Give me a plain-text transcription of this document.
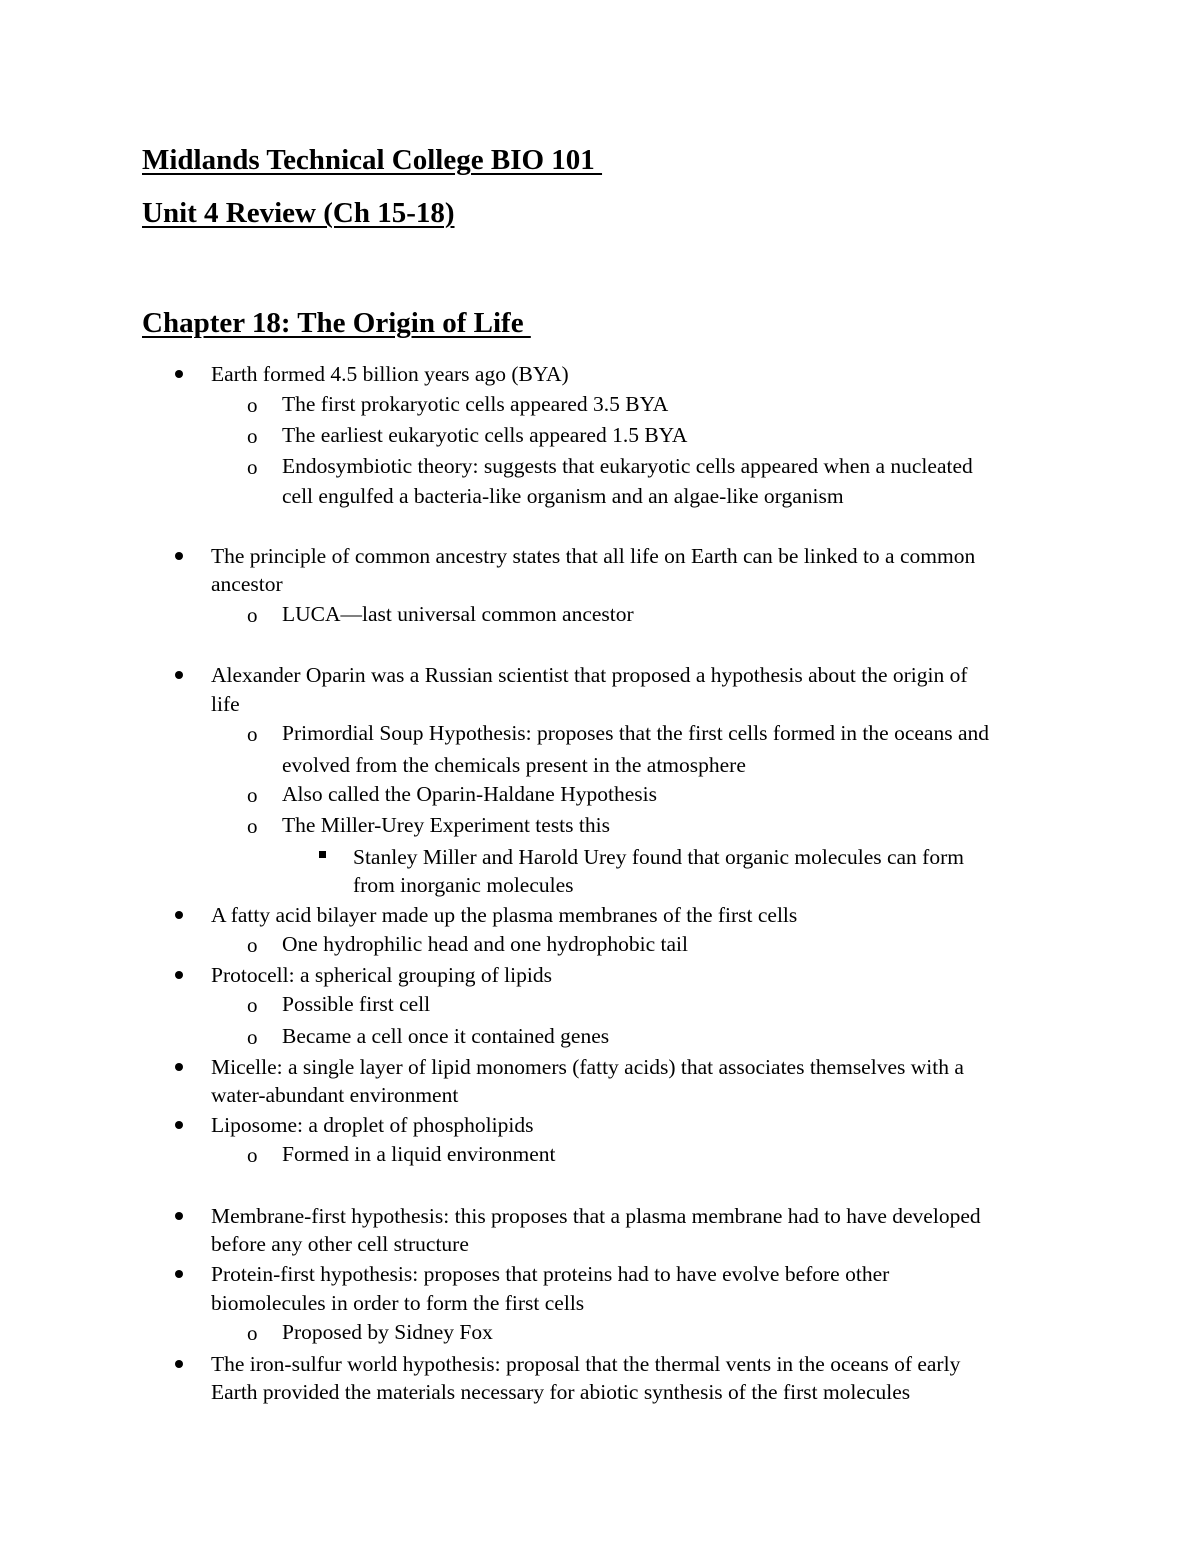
Midlands Technical College BIO 101
Unit 4 Review (Ch 15-18)
Chapter 18: The Origin of Life
Earth formed 4.5 billion years ago (BYA)
o The first prokaryotic cells appeared 3.5 BYA
o The earliest eukaryotic cells appeared 1.5 BYA
o Endosymbiotic theory: suggests that eukaryotic cells appeared when a nucleated
cell engulfed a bacteria-like organism and an algae-like organism
The principle of common ancestry states that all life on Earth can be linked to a common
ancestor
o LUCA—last universal common ancestor
Alexander Oparin was a Russian scientist that proposed a hypothesis about the origin of
life
o Primordial Soup Hypothesis: proposes that the first cells formed in the oceans and
evolved from the chemicals present in the atmosphere
o Also called the Oparin-Haldane Hypothesis
o The Miller-Urey Experiment tests this
Stanley Miller and Harold Urey found that organic molecules can form
from inorganic molecules
A fatty acid bilayer made up the plasma membranes of the first cells
o One hydrophilic head and one hydrophobic tail
Protocell: a spherical grouping of lipids
o Possible first cell
o Became a cell once it contained genes
Micelle: a single layer of lipid monomers (fatty acids) that associates themselves with a
water-abundant environment
Liposome: a droplet of phospholipids
o Formed in a liquid environment
Membrane-first hypothesis: this proposes that a plasma membrane had to have developed
before any other cell structure
Protein-first hypothesis: proposes that proteins had to have evolve before other
biomolecules in order to form the first cells
o Proposed by Sidney Fox
The iron-sulfur world hypothesis: proposal that the thermal vents in the oceans of early
Earth provided the materials necessary for abiotic synthesis of the first molecules
